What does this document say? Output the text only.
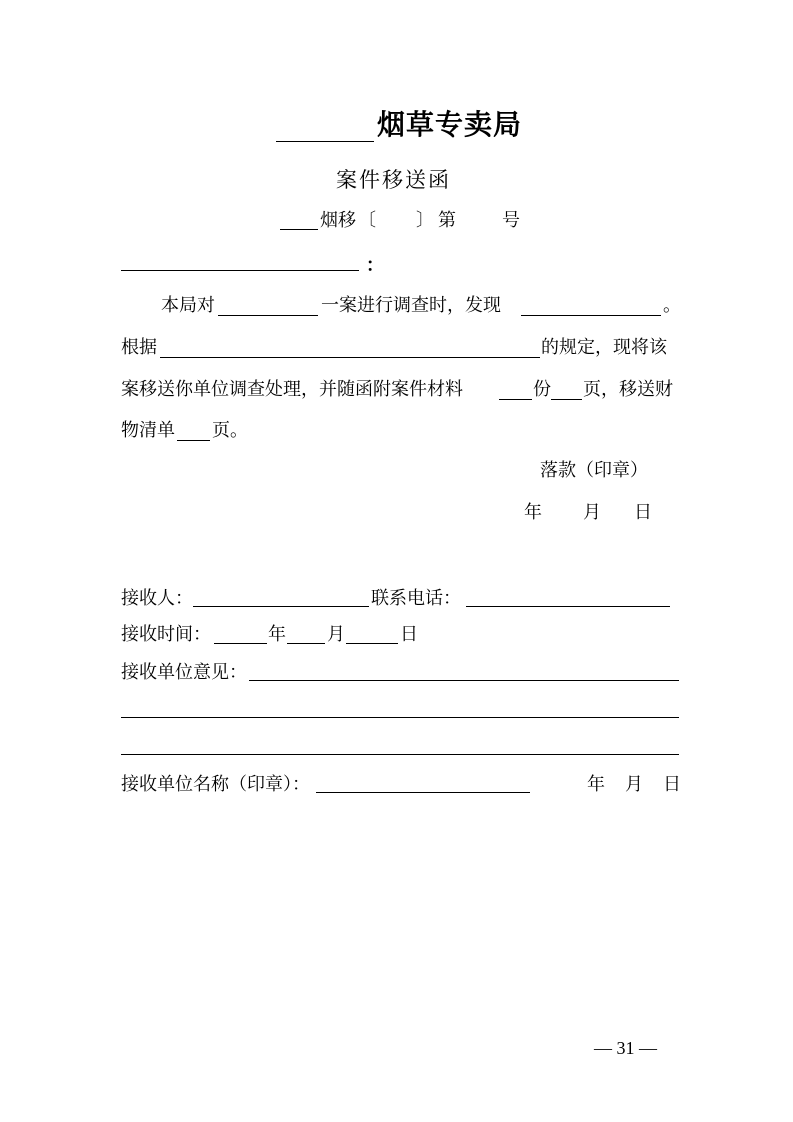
烟草专卖局
案件移送函
烟移 〔 〕 第	号
：
本局对	一案进行调查时，发现	。
根据	的规定，现将该
案移送你单位调查处理，并随函附案件材料	份 页，移送财
物清单 页。
落款（印章）
年 月 日
接收人：	联系电话：
接收时间：	年 月	日
接收单位意见：
接收单位名称（印章）：	年 月 日
— 31 —
